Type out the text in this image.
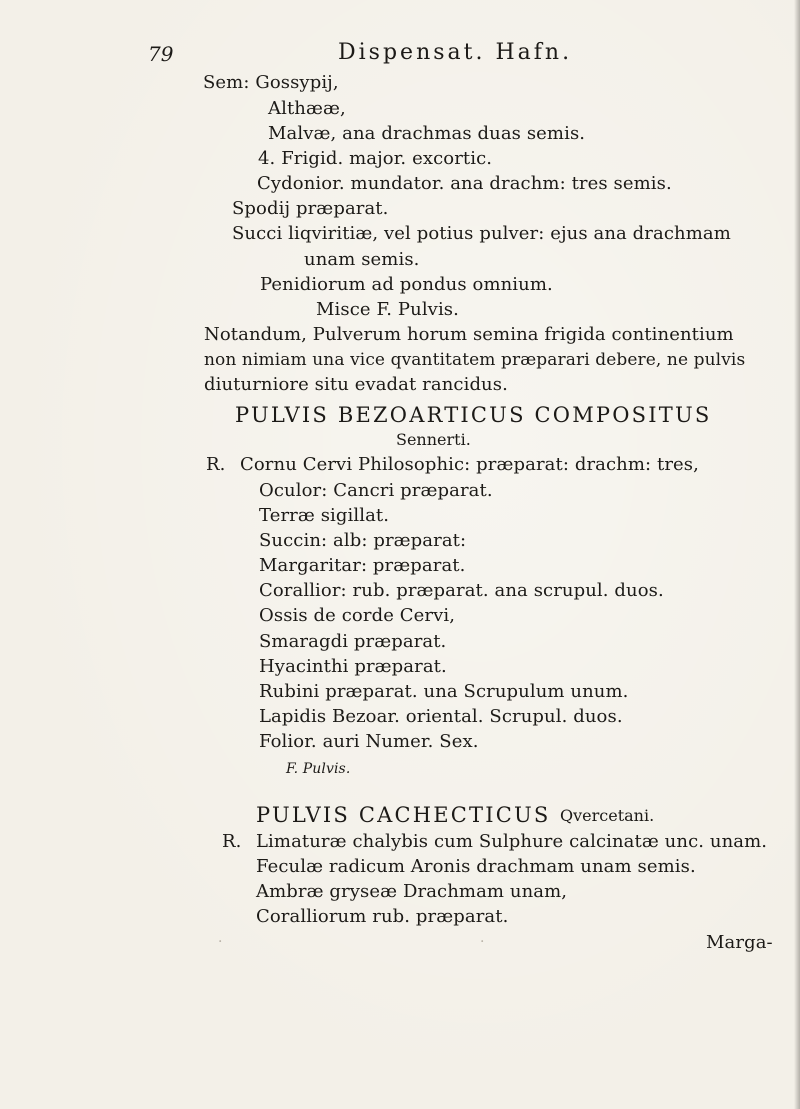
79	Dispensat. Hafn.
Sem: Gossypij,
Althææ,
Malvæ, ana drachmas duas semis.
4. Frigid. major. excortic.
Cydonior. mundator. ana drachm: tres semis.
Spodij præparat.
Succi liqviritiæ, vel potius pulver: ejus ana drachmam
unam semis.
Penidiorum ad pondus omnium.
Misce F. Pulvis.
Notandum, Pulverum horum semina frigida continentium
non nimiam una vice qvantitatem præparari debere, ne pulvis
diuturniore situ evadat rancidus.
PULVIS BEZOARTICUS COMPOSITUS
Sennerti.
R. Cornu Cervi Philosophic: præparat: drachm: tres,
Oculor: Cancri præparat.
Terræ sigillat.
Succin: alb: præparat:
Margaritar: præparat.
Corallior: rub. præparat. ana scrupul. duos.
Ossis de corde Cervi,
Smaragdi præparat.
Hyacinthi præparat.
Rubini præparat. una Scrupulum unum.
Lapidis Bezoar. oriental. Scrupul. duos.
Folior. auri Numer. Sex.
F. Pulvis.
PULVIS CACHECTICUS Qvercetani.
R. Limaturæ chalybis cum Sulphure calcinatæ unc. unam.
Feculæ radicum Aronis drachmam unam semis.
Ambræ gryseæ Drachmam unam,
Coralliorum rub. præparat.
Marga-
·	·
